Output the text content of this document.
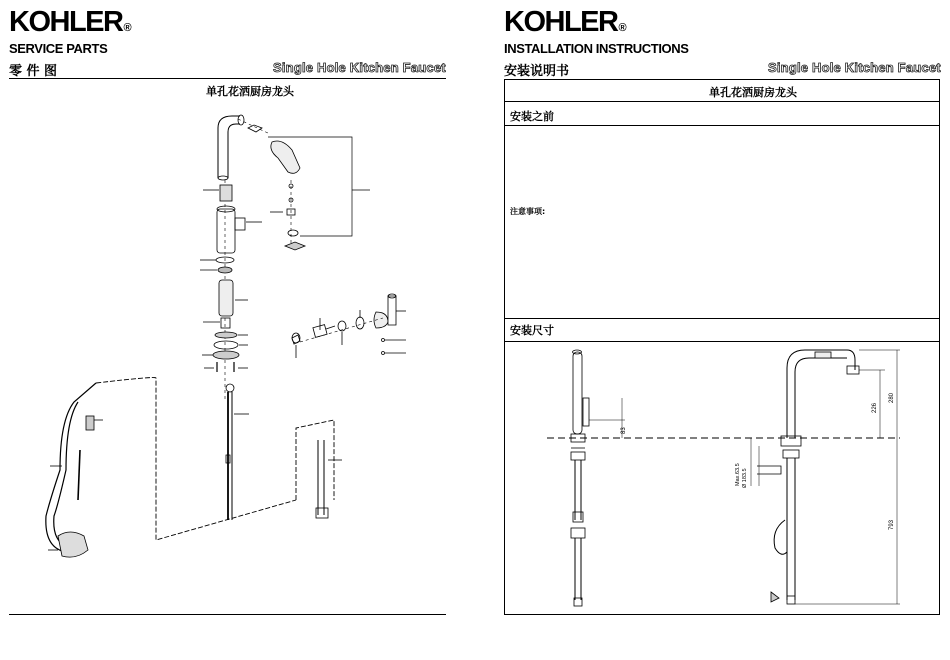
KOHLER®
SERVICE PARTS
零 件 图	Single Hole Kitchen Faucet
单孔花洒厨房龙头
KOHLER®
INSTALLATION INSTRUCTIONS
安装说明书	Single Hole Kitchen Faucet
单孔花洒厨房龙头
安装之前
注意事项:
安装尺寸
83
280
226
793
Max.63.5 Ø 183.5
